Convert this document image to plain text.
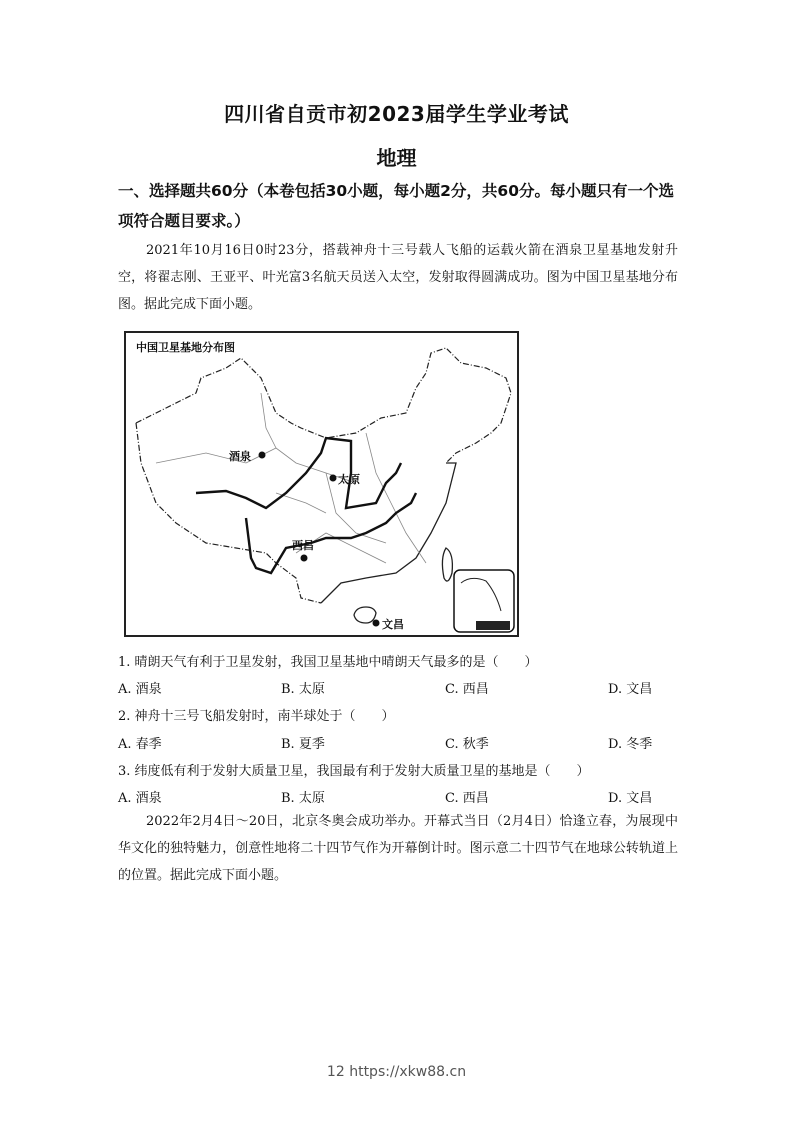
四川省自贡市初2023届学生学业考试
地理
一、选择题共60分（本卷包括30小题，每小题2分，共60分。每小题只有一个选项符合题目要求。）
2021年10月16日0时23分，搭载神舟十三号载人飞船的运载火箭在酒泉卫星基地发射升空，将翟志刚、王亚平、叶光富3名航天员送入太空，发射取得圆满成功。图为中国卫星基地分布图。据此完成下面小题。
中国卫星基地分布图
酒泉
太原
西昌
文昌
1. 晴朗天气有利于卫星发射，我国卫星基地中晴朗天气最多的是（　　）
A. 酒泉	B. 太原	C. 西昌	D. 文昌
2. 神舟十三号飞船发射时，南半球处于（　　）
A. 春季	B. 夏季	C. 秋季	D. 冬季
3. 纬度低有利于发射大质量卫星，我国最有利于发射大质量卫星的基地是（　　）
A. 酒泉	B. 太原	C. 西昌	D. 文昌
2022年2月4日～20日，北京冬奥会成功举办。开幕式当日（2月4日）恰逢立春，为展现中华文化的独特魅力，创意性地将二十四节气作为开幕倒计时。图示意二十四节气在地球公转轨道上的位置。据此完成下面小题。
12 https://xkw88.cn
